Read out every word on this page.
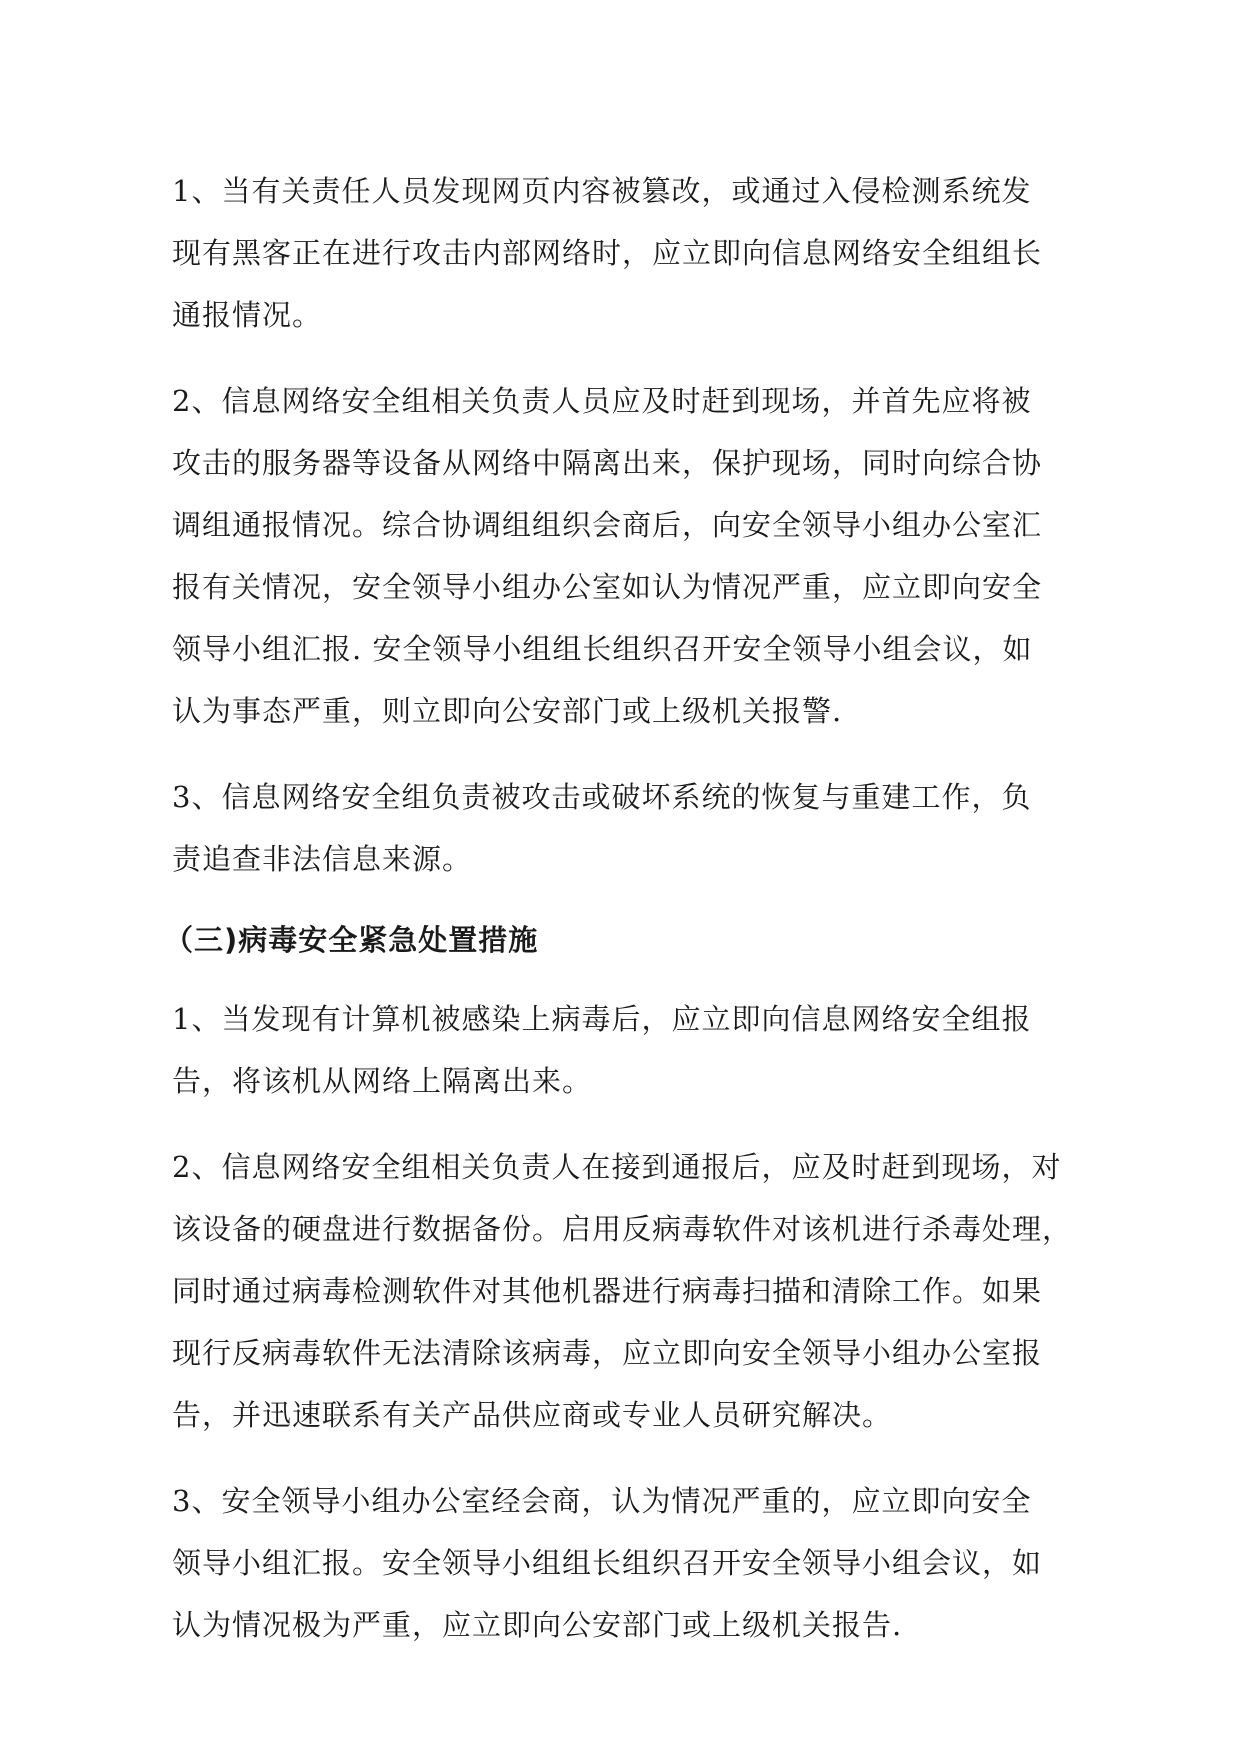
1、当有关责任人员发现网页内容被篡改，或通过入侵检测系统发
现有黑客正在进行攻击内部网络时，应立即向信息网络安全组组长
通报情况。

2、信息网络安全组相关负责人员应及时赶到现场，并首先应将被
攻击的服务器等设备从网络中隔离出来，保护现场，同时向综合协
调组通报情况。综合协调组组织会商后，向安全领导小组办公室汇
报有关情况，安全领导小组办公室如认为情况严重，应立即向安全
领导小组汇报. 安全领导小组组长组织召开安全领导小组会议，如
认为事态严重，则立即向公安部门或上级机关报警.

3、信息网络安全组负责被攻击或破坏系统的恢复与重建工作，负
责追查非法信息来源。

（三)病毒安全紧急处置措施

1、当发现有计算机被感染上病毒后，应立即向信息网络安全组报
告，将该机从网络上隔离出来。

2、信息网络安全组相关负责人在接到通报后，应及时赶到现场，对
该设备的硬盘进行数据备份。启用反病毒软件对该机进行杀毒处理，
同时通过病毒检测软件对其他机器进行病毒扫描和清除工作。如果
现行反病毒软件无法清除该病毒，应立即向安全领导小组办公室报
告，并迅速联系有关产品供应商或专业人员研究解决。

3、安全领导小组办公室经会商，认为情况严重的，应立即向安全
领导小组汇报。安全领导小组组长组织召开安全领导小组会议，如
认为情况极为严重，应立即向公安部门或上级机关报告.
